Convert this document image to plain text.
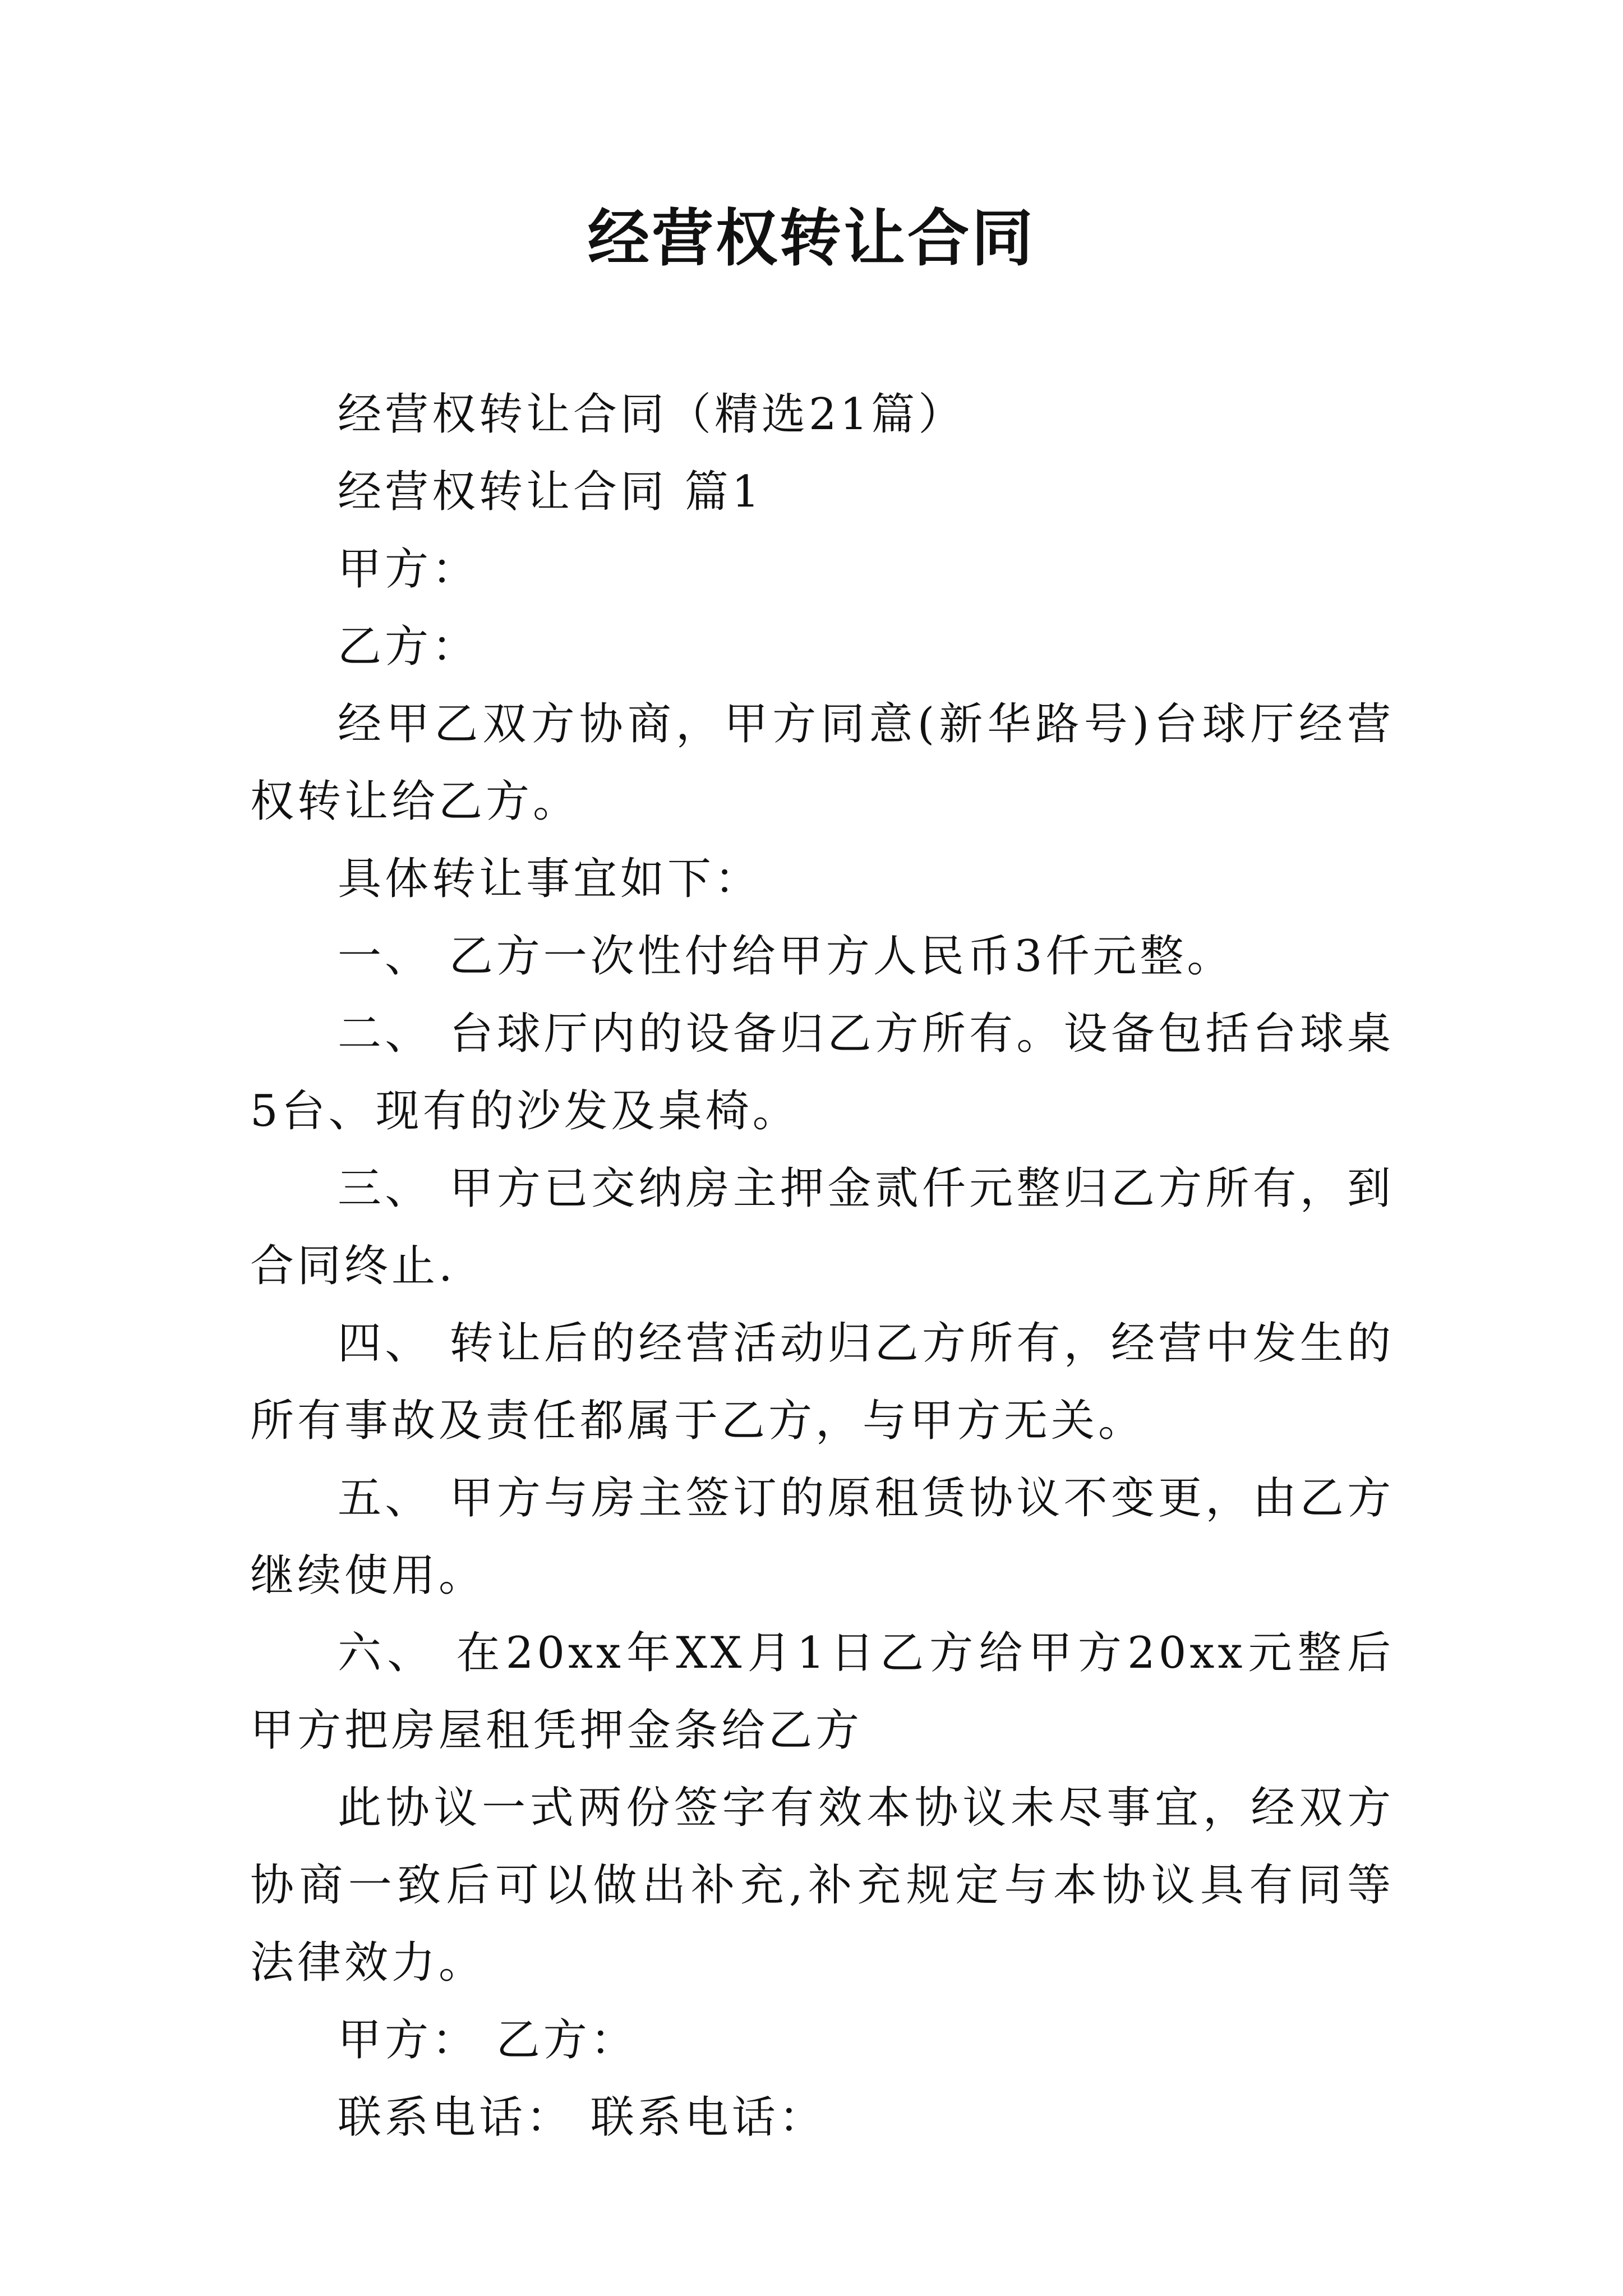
经营权转让合同

经营权转让合同（精选21篇）

经营权转让合同 篇1

甲方：

乙方：

经甲乙双方协商，甲方同意(新华路号)台球厅经营权转让给乙方。

具体转让事宜如下：

一、 乙方一次性付给甲方人民币3仟元整。

二、 台球厅内的设备归乙方所有。设备包括台球桌5台、现有的沙发及桌椅。

三、 甲方已交纳房主押金贰仟元整归乙方所有，到合同终止.

四、 转让后的经营活动归乙方所有，经营中发生的所有事故及责任都属于乙方，与甲方无关。

五、 甲方与房主签订的原租赁协议不变更，由乙方继续使用。

六、 在20xx年XX月1日乙方给甲方20xx元整后甲方把房屋租凭押金条给乙方

此协议一式两份签字有效本协议未尽事宜，经双方协商一致后可以做出补充,补充规定与本协议具有同等法律效力。

甲方： 乙方：

联系电话： 联系电话：
